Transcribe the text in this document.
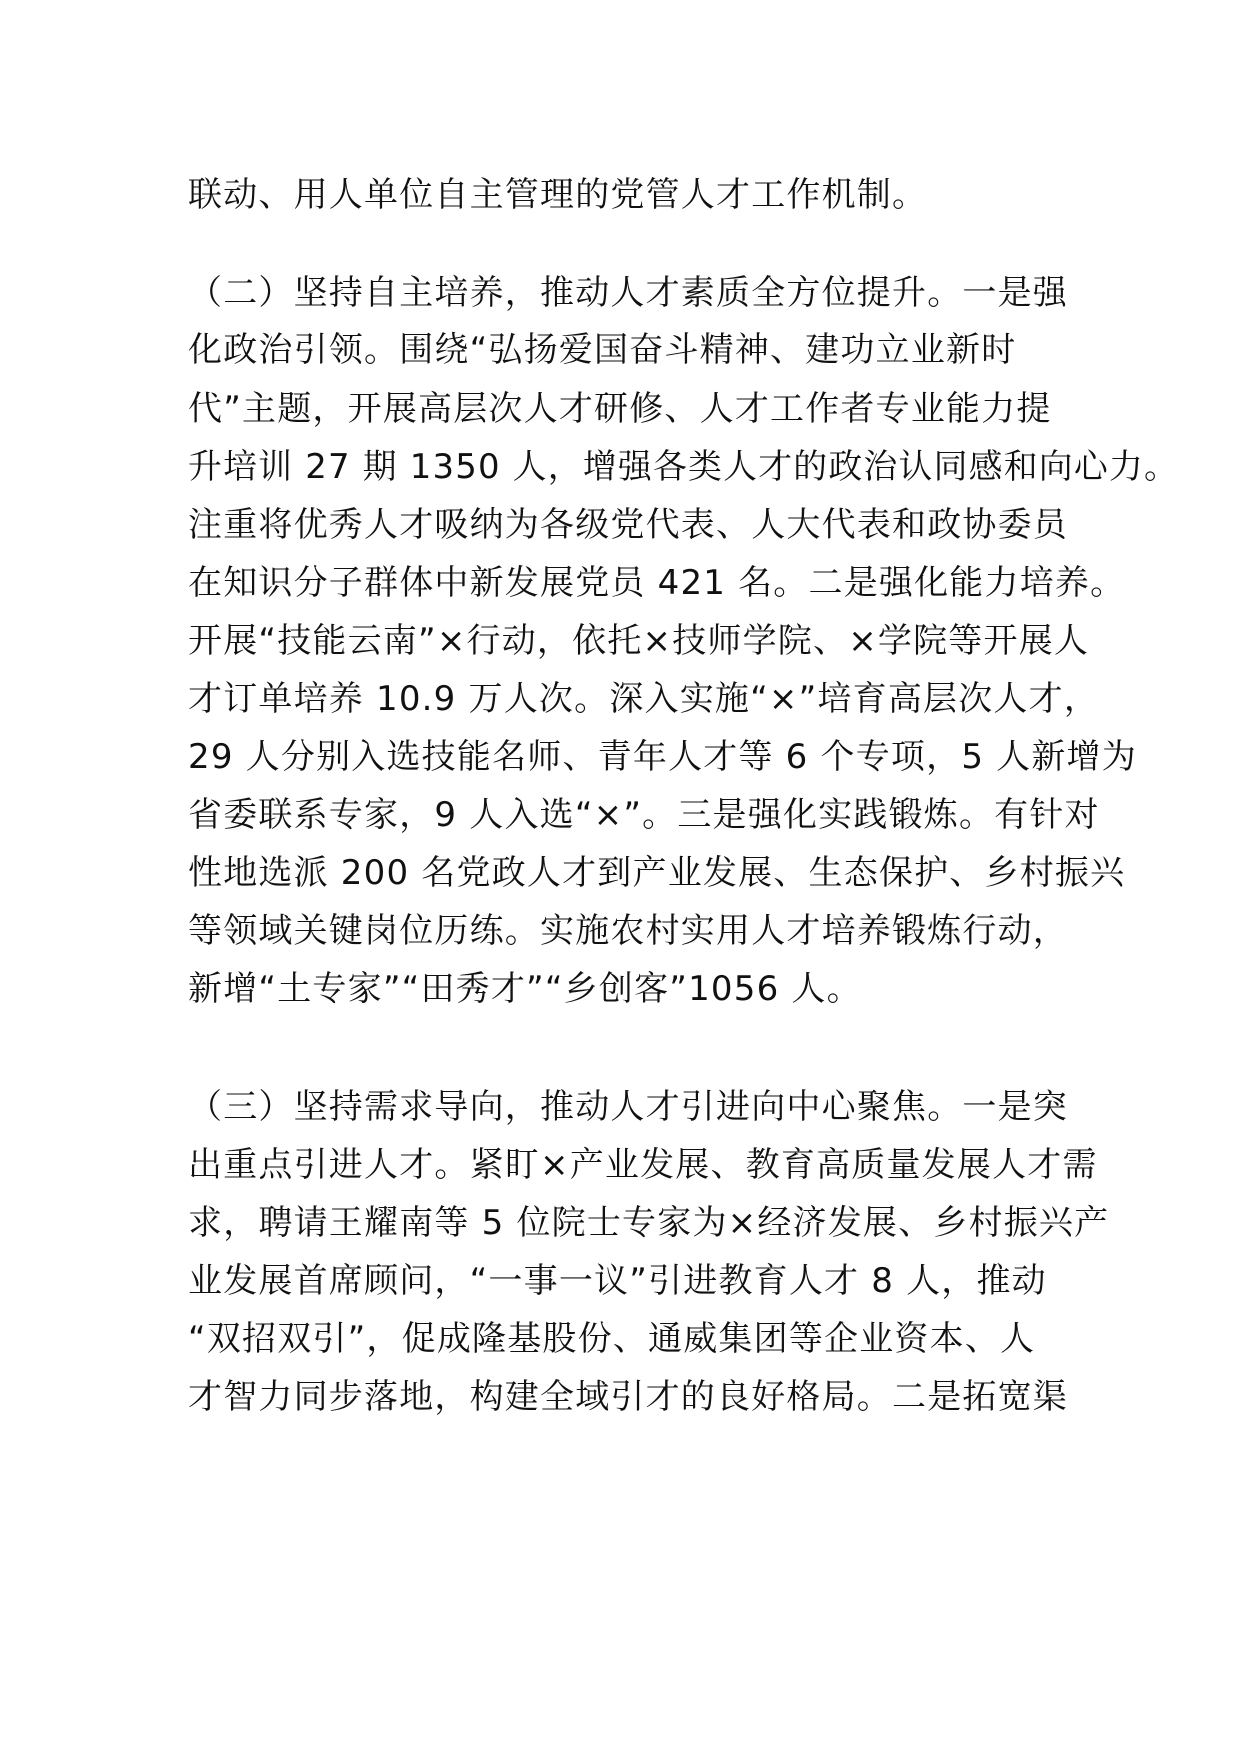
联动、用人单位自主管理的党管人才工作机制。
（二）坚持自主培养，推动人才素质全方位提升。一是强
化政治引领。围绕“弘扬爱国奋斗精神、建功立业新时
代”主题，开展高层次人才研修、人才工作者专业能力提
升培训 27 期 1350 人，增强各类人才的政治认同感和向心力。
注重将优秀人才吸纳为各级党代表、人大代表和政协委员
在知识分子群体中新发展党员 421 名。二是强化能力培养。
开展“技能云南”×行动，依托×技师学院、×学院等开展人
才订单培养 10.9 万人次。深入实施“×”培育高层次人才，
29 人分别入选技能名师、青年人才等 6 个专项，5 人新增为
省委联系专家，9 人入选“×”。三是强化实践锻炼。有针对
性地选派 200 名党政人才到产业发展、生态保护、乡村振兴
等领域关键岗位历练。实施农村实用人才培养锻炼行动，
新增“土专家”“田秀才”“乡创客”1056 人。
（三）坚持需求导向，推动人才引进向中心聚焦。一是突
出重点引进人才。紧盯×产业发展、教育高质量发展人才需
求，聘请王耀南等 5 位院士专家为×经济发展、乡村振兴产
业发展首席顾问，“一事一议”引进教育人才 8 人，推动
“双招双引”，促成隆基股份、通威集团等企业资本、人
才智力同步落地，构建全域引才的良好格局。二是拓宽渠
